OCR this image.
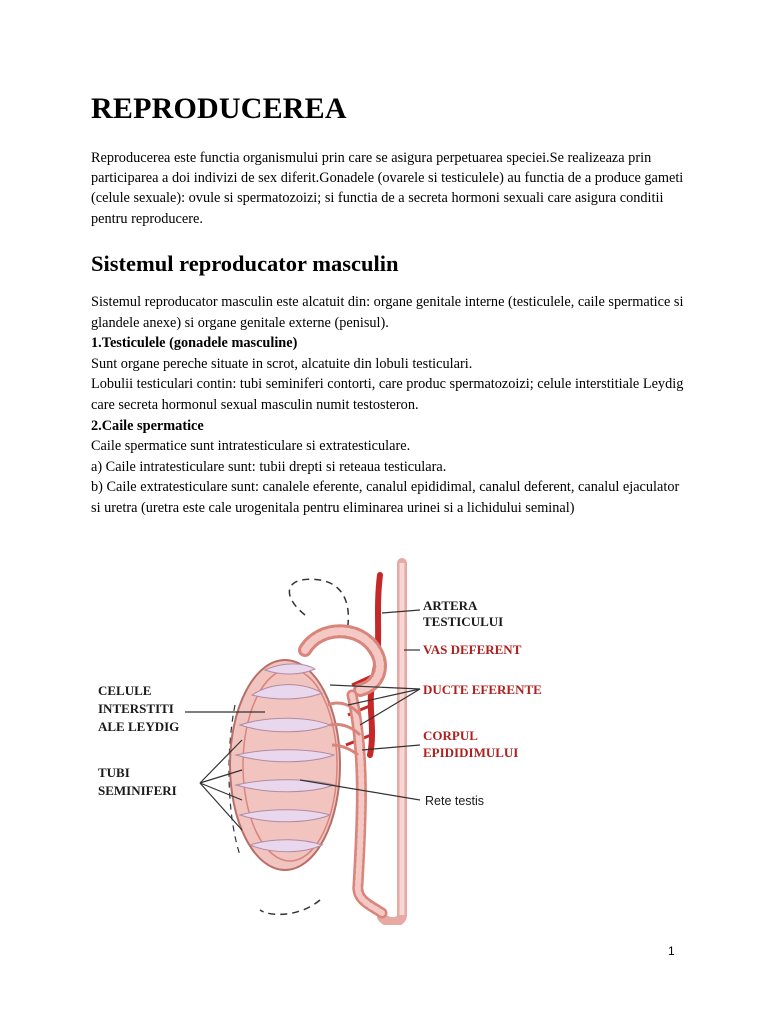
REPRODUCEREA

Reproducerea este functia organismului prin care se asigura perpetuarea speciei.Se realizeaza prin participarea a doi indivizi de sex diferit.Gonadele (ovarele si testiculele) au functia de a produce gameti (celule sexuale): ovule si spermatozoizi; si functia de a secreta hormoni sexuali care asigura conditii pentru reproducere.

Sistemul reproducator masculin

Sistemul reproducator masculin este alcatuit din: organe genitale interne (testiculele, caile spermatice si glandele anexe) si organe genitale externe (penisul).

1.Testiculele (gonadele masculine)

Sunt organe pereche situate in scrot, alcatuite din lobuli testiculari.

Lobulii testiculari contin: tubi seminiferi contorti, care produc spermatozoizi; celule interstitiale Leydig care secreta hormonul sexual masculin numit testosteron.

2.Caile spermatice

Caile spermatice sunt intratesticulare si extratesticulare.

a) Caile intratesticulare sunt: tubii drepti si reteaua testiculara.

b) Caile extratesticulare sunt: canalele eferente, canalul epididimal, canalul deferent, canalul ejaculator si uretra (uretra este cale urogenitala pentru eliminarea urinei si a lichidului seminal)

ARTERA
TESTICULUI
VAS DEFERENT
DUCTE EFERENTE
CORPUL
EPIDIDIMULUI
Rete testis
CELULE
INTERSTITI
ALE LEYDIG
TUBI
SEMINIFERI
1
